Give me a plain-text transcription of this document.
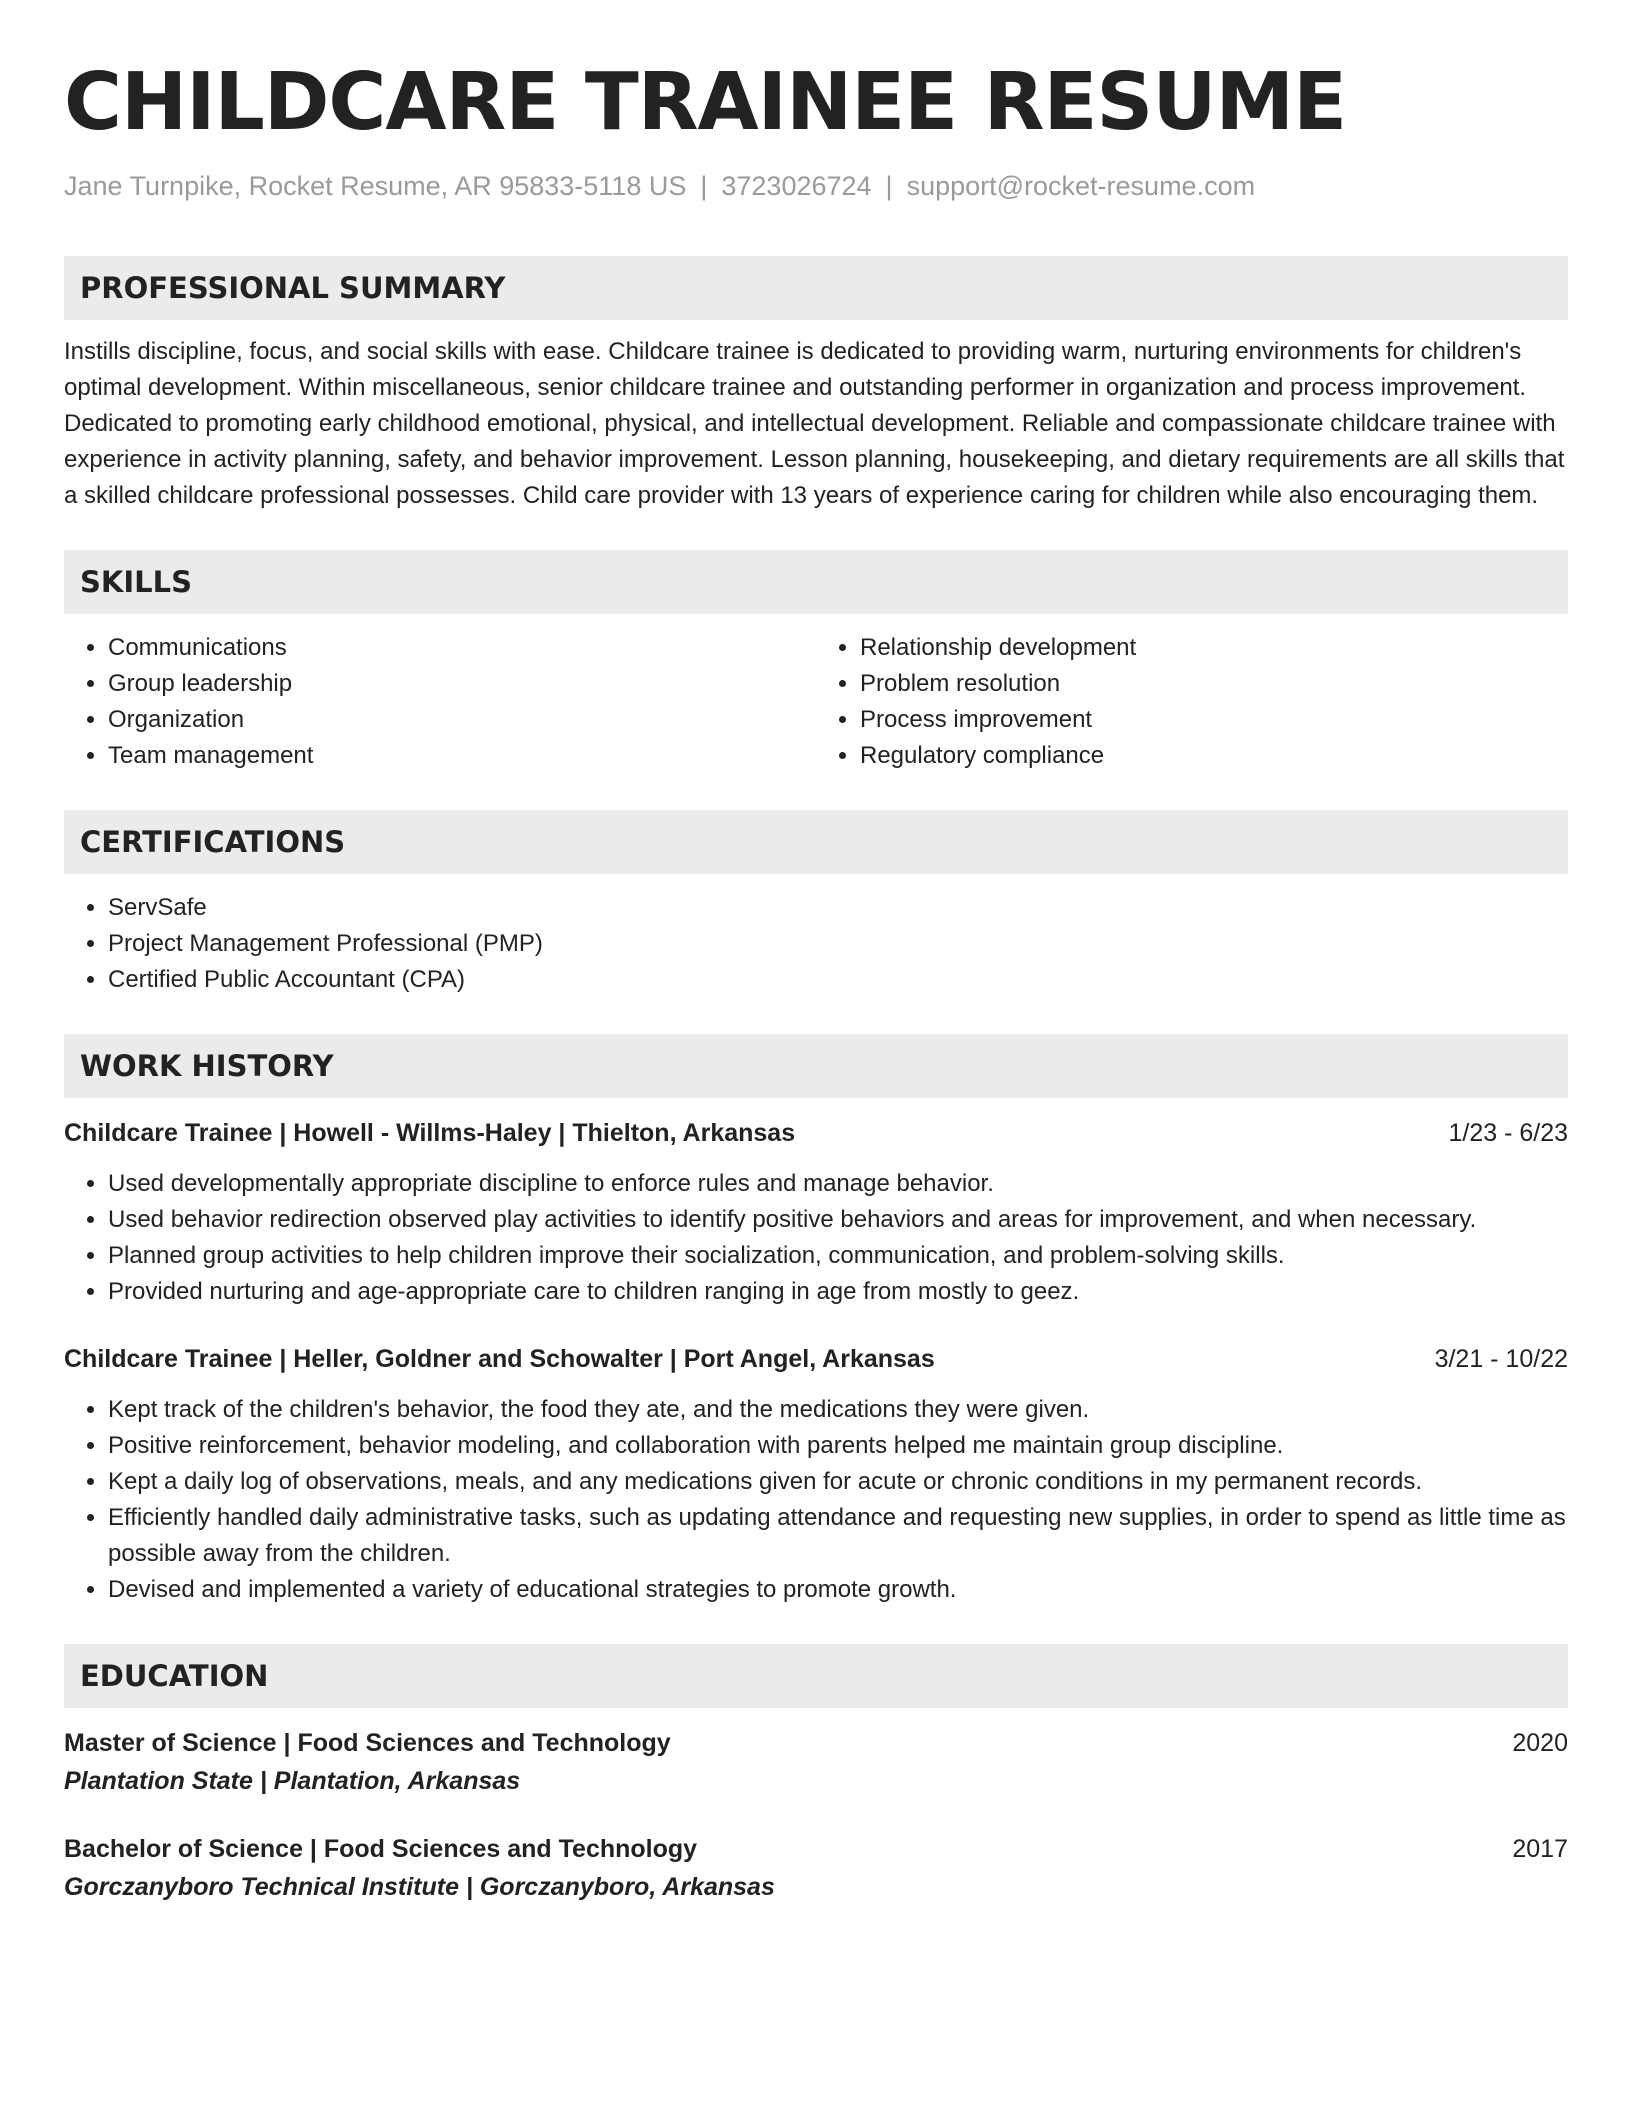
CHILDCARE TRAINEE RESUME
Jane Turnpike, Rocket Resume, AR 95833-5118 US | 3723026724 | support@rocket-resume.com
PROFESSIONAL SUMMARY
Instills discipline, focus, and social skills with ease. Childcare trainee is dedicated to providing warm, nurturing environments for children's optimal development. Within miscellaneous, senior childcare trainee and outstanding performer in organization and process improvement. Dedicated to promoting early childhood emotional, physical, and intellectual development. Reliable and compassionate childcare trainee with experience in activity planning, safety, and behavior improvement. Lesson planning, housekeeping, and dietary requirements are all skills that a skilled childcare professional possesses. Child care provider with 13 years of experience caring for children while also encouraging them.
SKILLS
• Communications
• Group leadership
• Organization
• Team management
• Relationship development
• Problem resolution
• Process improvement
• Regulatory compliance
CERTIFICATIONS
• ServSafe
• Project Management Professional (PMP)
• Certified Public Accountant (CPA)
WORK HISTORY
Childcare Trainee | Howell - Willms-Haley | Thielton, Arkansas	1/23 - 6/23
• Used developmentally appropriate discipline to enforce rules and manage behavior.
• Used behavior redirection observed play activities to identify positive behaviors and areas for improvement, and when necessary.
• Planned group activities to help children improve their socialization, communication, and problem-solving skills.
• Provided nurturing and age-appropriate care to children ranging in age from mostly to geez.
Childcare Trainee | Heller, Goldner and Schowalter | Port Angel, Arkansas	3/21 - 10/22
• Kept track of the children's behavior, the food they ate, and the medications they were given.
• Positive reinforcement, behavior modeling, and collaboration with parents helped me maintain group discipline.
• Kept a daily log of observations, meals, and any medications given for acute or chronic conditions in my permanent records.
• Efficiently handled daily administrative tasks, such as updating attendance and requesting new supplies, in order to spend as little time as possible away from the children.
• Devised and implemented a variety of educational strategies to promote growth.
EDUCATION
Master of Science | Food Sciences and Technology	2020
Plantation State | Plantation, Arkansas
Bachelor of Science | Food Sciences and Technology	2017
Gorczanyboro Technical Institute | Gorczanyboro, Arkansas
